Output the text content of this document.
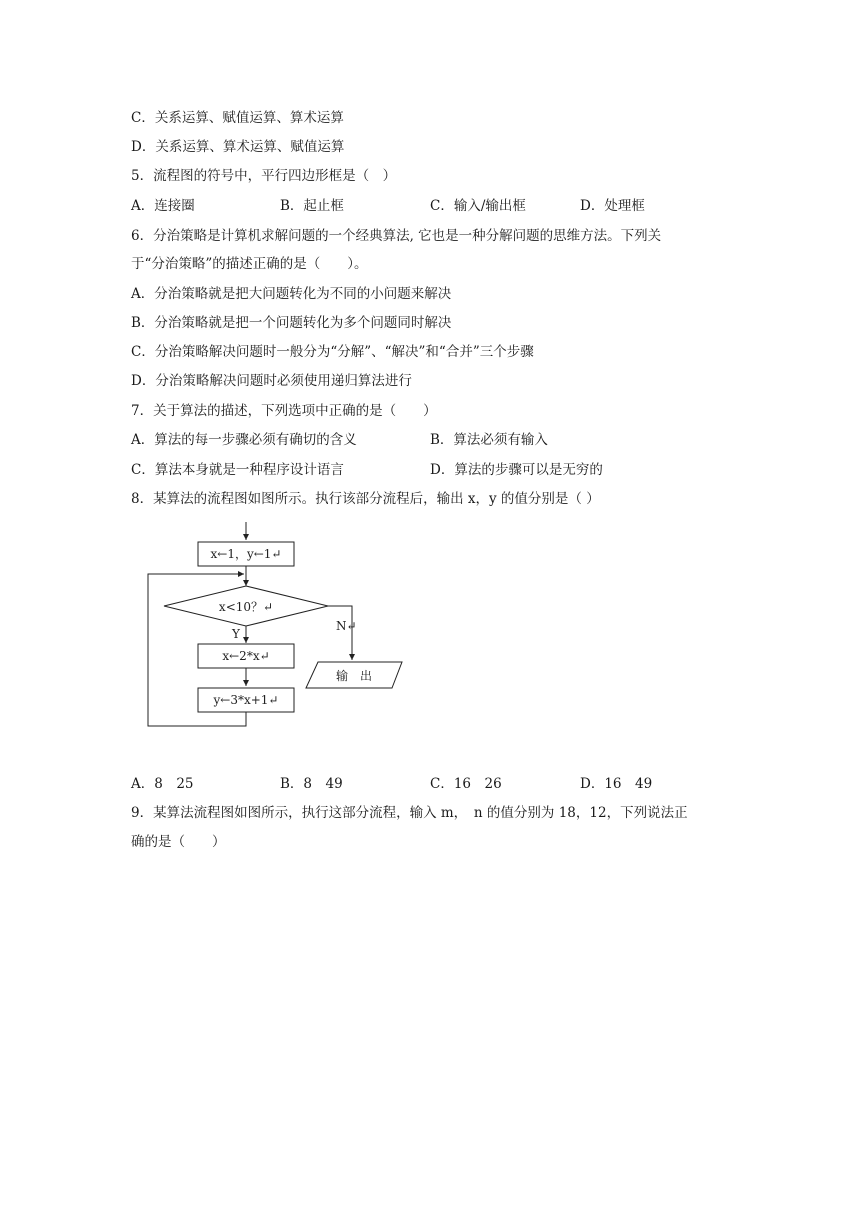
C．关系运算、赋值运算、算术运算
D．关系运算、算术运算、赋值运算
5．流程图的符号中，平行四边形框是（　）
A．连接圈	B．起止框	C．输入/输出框	D．处理框
6．分治策略是计算机求解问题的一个经典算法, 它也是一种分解问题的思维方法。下列关
于“分治策略”的描述正确的是（　　）。
A．分治策略就是把大问题转化为不同的小问题来解决
B．分治策略就是把一个问题转化为多个问题同时解决
C．分治策略解决问题时一般分为“分解”、“解决”和“合并”三个步骤
D．分治策略解决问题时必须使用递归算法进行
7．关于算法的描述，下列选项中正确的是（　　）
A．算法的每一步骤必须有确切的含义	B．算法必须有输入
C．算法本身就是一种程序设计语言	D．算法的步骤可以是无穷的
8．某算法的流程图如图所示。执行该部分流程后，输出 x，y 的值分别是（ ）
x←1，y←1↵
x<10？↵
Y
x←2*x↵
y←3*x+1↵
N↵
输　出
A．8　25	B．8　49	C．16　26	D．16　49
9．某算法流程图如图所示，执行这部分流程，输入 m，　n 的值分别为 18，12，下列说法正
确的是（　　）
